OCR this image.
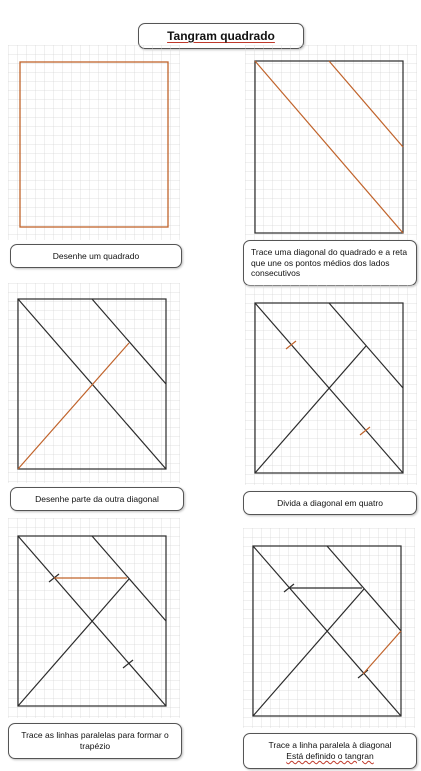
Tangram quadrado
Desenhe um quadrado	Trace uma diagonal do quadrado e a reta que une os pontos médios dos lados consecutivos
Desenhe parte da outra diagonal	Divida a diagonal em quatro
Trace as linhas paralelas para formar o trapézio	Trace a linha paralela à diagonal
Está definido o tangran
